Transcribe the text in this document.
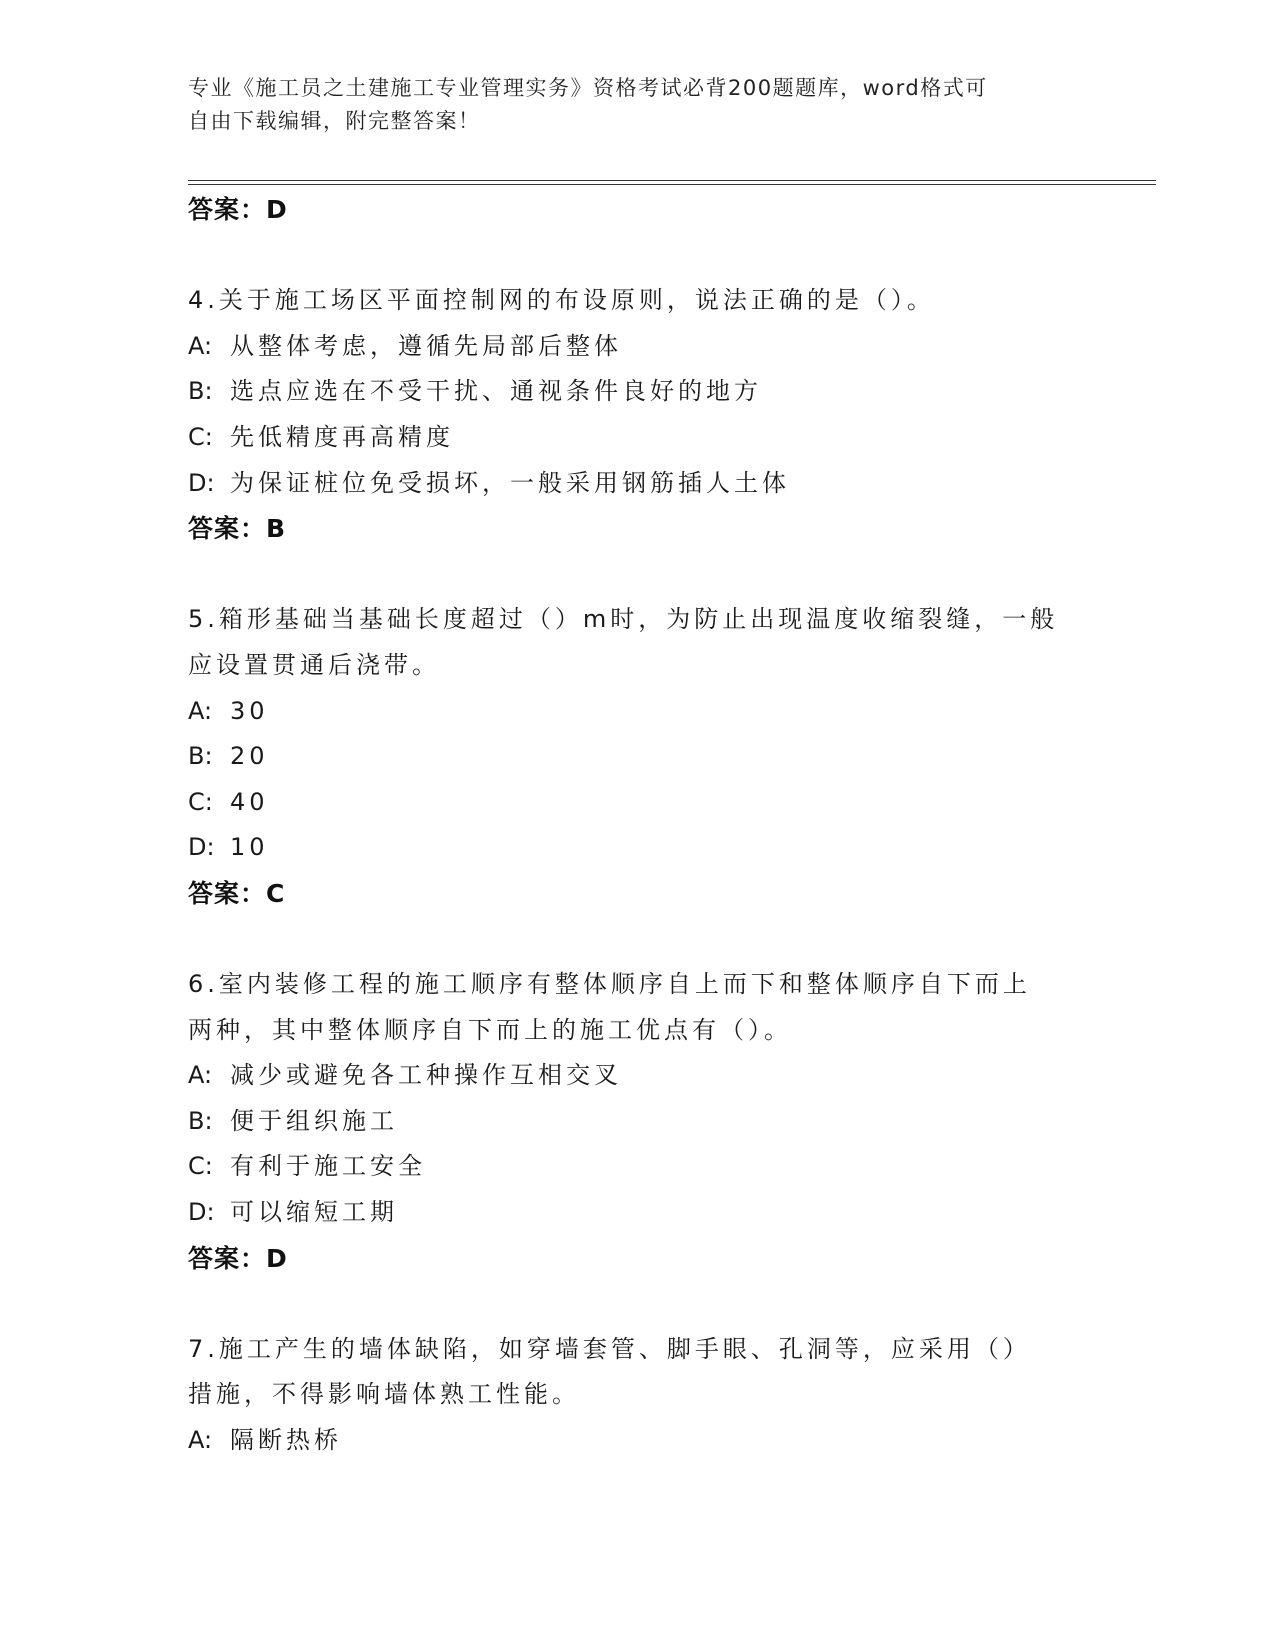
专业《施工员之土建施工专业管理实务》资格考试必背200题题库，word格式可
自由下载编辑，附完整答案！
答案：D
4.关于施工场区平面控制网的布设原则，说法正确的是（）。
A: 从整体考虑，遵循先局部后整体
B: 选点应选在不受干扰、通视条件良好的地方
C: 先低精度再高精度
D: 为保证桩位免受损坏，一般采用钢筋插人土体
答案：B
5.箱形基础当基础长度超过（）m时，为防止出现温度收缩裂缝，一般
应设置贯通后浇带。
A: 30
B: 20
C: 40
D: 10
答案：C
6.室内装修工程的施工顺序有整体顺序自上而下和整体顺序自下而上
两种，其中整体顺序自下而上的施工优点有（）。
A: 减少或避免各工种操作互相交叉
B: 便于组织施工
C: 有利于施工安全
D: 可以缩短工期
答案：D
7.施工产生的墙体缺陷，如穿墙套管、脚手眼、孔洞等，应采用（）
措施，不得影响墙体熟工性能。
A: 隔断热桥
